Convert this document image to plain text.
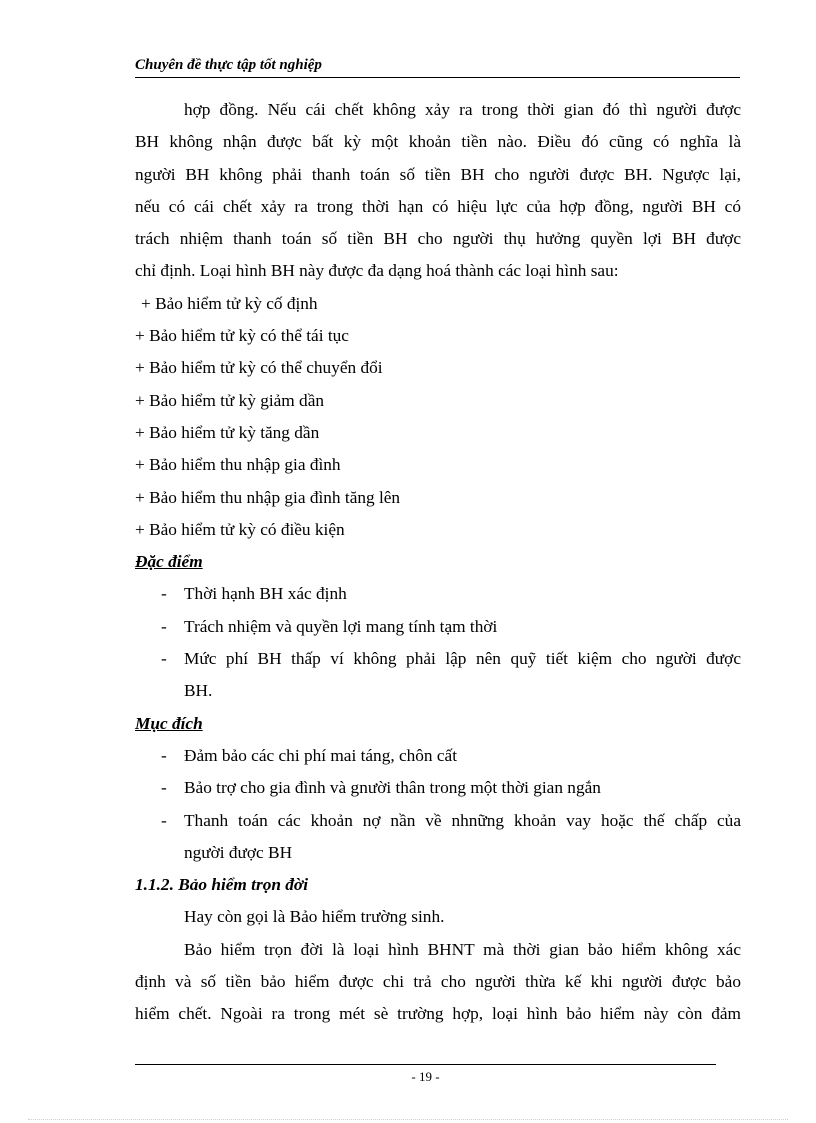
Chuyên đề thực tập tốt nghiệp
hợp đồng. Nếu cái chết không xảy ra trong thời gian đó thì người được
BH không nhận được bất kỳ một khoản tiền nào. Điều đó cũng có nghĩa là
người BH không phải thanh toán số tiền BH cho người được BH. Ngược lại,
nếu có cái chết xảy ra trong thời hạn có hiệu lực của hợp đồng, người BH có
trách nhiệm thanh toán số tiền BH cho người thụ hưởng quyền lợi BH được
chỉ định. Loại hình BH này được đa dạng hoá thành các loại hình sau:
+ Bảo hiểm tử kỳ cố định
+ Bảo hiểm tử kỳ có thể tái tục
+ Bảo hiểm tử kỳ có thể chuyển đổi
+ Bảo hiểm tử kỳ giảm dần
+ Bảo hiểm tử kỳ tăng dần
+ Bảo hiểm thu nhập gia đình
+ Bảo hiểm thu nhập gia đình tăng lên
+ Bảo hiểm tử kỳ có điều kiện
Đặc điểm
- Thời hạnh BH xác định
- Trách nhiệm và quyền lợi mang tính tạm thời
- Mức phí BH thấp ví không phải lập nên quỹ tiết kiệm cho người được
BH.
Mục đích
- Đảm bảo các chi phí mai táng, chôn cất
- Bảo trợ cho gia đình và gnười thân trong một thời gian ngắn
- Thanh toán các khoản nợ nần về nhnững khoản vay hoặc thế chấp của
người được BH
1.1.2. Bảo hiểm trọn đời
Hay còn gọi là Bảo hiểm trường sinh.
Bảo hiểm trọn đời là loại hình BHNT mà thời gian bảo hiểm không xác
định và số tiền bảo hiểm được chi trả cho người thừa kế khi người được bảo
hiểm chết. Ngoài ra trong mét sè trường hợp, loại hình bảo hiểm này còn đảm
- 19 -
